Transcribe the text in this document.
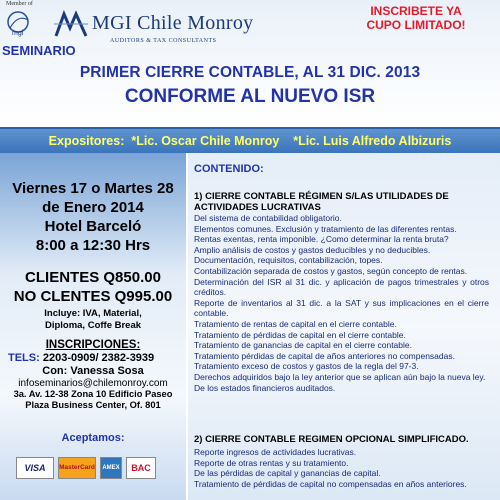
Member of
mgi	MGI Chile Monroy
AUDITORS & TAX CONSULTANTS
INSCRIBETE YA
CUPO LIMITADO!
SEMINARIO
PRIMER CIERRE CONTABLE, AL 31 DIC. 2013
CONFORME AL NUEVO ISR
Expositores: *Lic. Oscar Chile Monroy *Lic. Luis Alfredo Albizuris
Viernes 17 o Martes 28
de Enero 2014
Hotel Barceló
8:00 a 12:30 Hrs
CLIENTES Q850.00
NO CLENTES Q995.00
Incluye: IVA, Material,
Diploma, Coffe Break
INSCRIPCIONES:
TELS: 2203-0909/ 2382-3939
Con: Vanessa Sosa
infoseminarios@chilemonroy.com
3a. Av. 12-38 Zona 10 Edificio Paseo
Plaza Business Center, Of. 801
Aceptamos:
VISA	MasterCard	AMEX	BAC
CONTENIDO:
1) CIERRE CONTABLE RÉGIMEN S/LAS UTILIDADES DE ACTIVIDADES LUCRATIVAS
Del sistema de contabilidad obligatorio.
Elementos comunes. Exclusión y tratamiento de las diferentes rentas.
Rentas exentas, renta imponible. ¿Como determinar la renta bruta?
Amplio análisis de costos y gastos deducibles y no deducibles.
Documentación, requisitos, contabilización, topes.
Contabilización separada de costos y gastos, según concepto de rentas.
Determinación del ISR al 31 dic. y aplicación de pagos trimestrales y otros créditos.
Reporte de inventarios al 31 dic. a la SAT y sus implicaciones en el cierre contable.
Tratamiento de rentas de capital en el cierre contable.
Tratamiento de pérdidas de capital en el cierre contable.
Tratamiento de ganancias de capital en el cierre contable.
Tratamiento pérdidas de capital de años anteriores no compensadas.
Tratamiento exceso de costos y gastos de la regla del 97-3.
Derechos adquiridos bajo la ley anterior que se aplican aún bajo la nueva ley.
De los estados financieros auditados.
2) CIERRE CONTABLE REGIMEN OPCIONAL SIMPLIFICADO.
Reporte ingresos de actividades lucrativas.
Reporte de otras rentas y su tratamiento.
De las pérdidas de capital y ganancias de capital.
Tratamiento de pérdidas de capital no compensadas en años anteriores.
